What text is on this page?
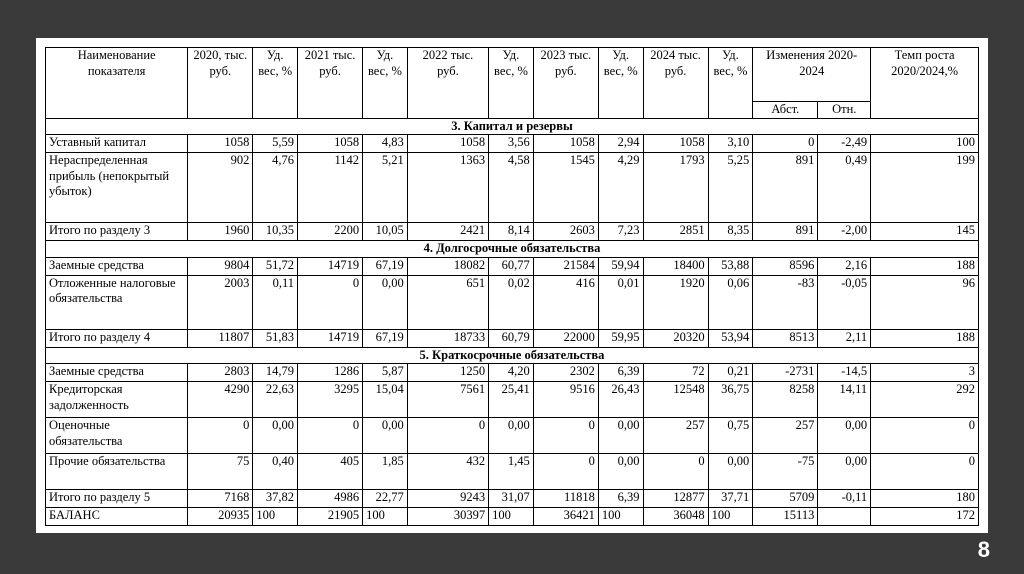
Наименование показателя	2020, тыс. руб.	Уд. вес, %	2021 тыс. руб.	Уд. вес, %	2022 тыс. руб.	Уд. вес, %	2023 тыс. руб.	Уд. вес, %	2024 тыс. руб.	Уд. вес, %	Изменения 2020-2024		Темп роста 2020/2024,%
											Абст.	Отн.	
3. Капитал и резервы													
Уставный капитал	1058	5,59	1058	4,83	1058	3,56	1058	2,94	1058	3,10	0	-2,49	100
Нераспределенная прибыль (непокрытый убыток)	902	4,76	1142	5,21	1363	4,58	1545	4,29	1793	5,25	891	0,49	199
Итого по разделу 3	1960	10,35	2200	10,05	2421	8,14	2603	7,23	2851	8,35	891	-2,00	145
4. Долгосрочные обязательства													
Заемные средства	9804	51,72	14719	67,19	18082	60,77	21584	59,94	18400	53,88	8596	2,16	188
Отложенные налоговые обязательства	2003	0,11	0	0,00	651	0,02	416	0,01	1920	0,06	-83	-0,05	96
Итого по разделу 4	11807	51,83	14719	67,19	18733	60,79	22000	59,95	20320	53,94	8513	2,11	188
5. Краткосрочные обязательства													
Заемные средства	2803	14,79	1286	5,87	1250	4,20	2302	6,39	72	0,21	-2731	-14,5	3
Кредиторская задолженность	4290	22,63	3295	15,04	7561	25,41	9516	26,43	12548	36,75	8258	14,11	292
Оценочные обязательства	0	0,00	0	0,00	0	0,00	0	0,00	257	0,75	257	0,00	0
Прочие обязательства	75	0,40	405	1,85	432	1,45	0	0,00	0	0,00	-75	0,00	0
Итого по разделу 5	7168	37,82	4986	22,77	9243	31,07	11818	6,39	12877	37,71	5709	-0,11	180
БАЛАНС	20935	100	21905	100	30397	100	36421	100	36048	100	15113		172
8
